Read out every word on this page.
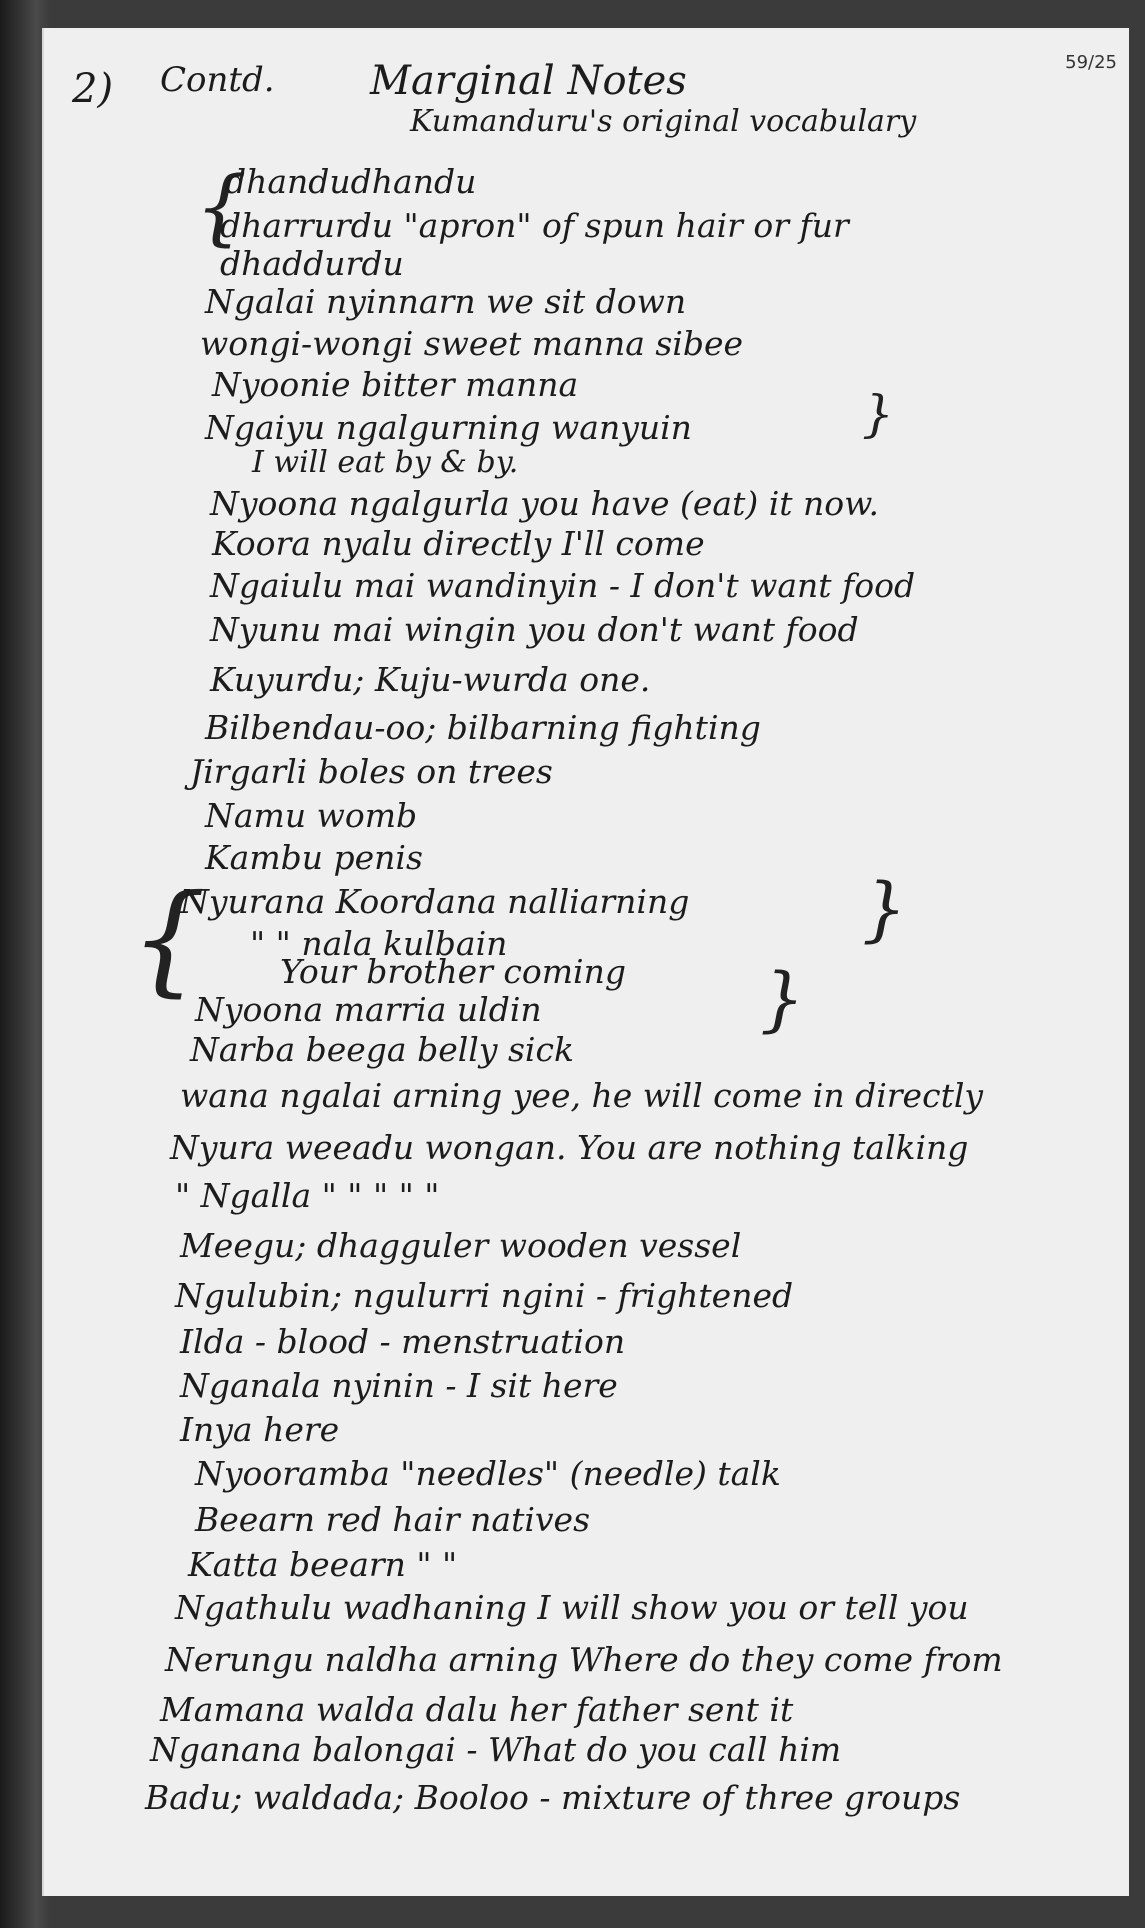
59/25
2) Contd. Marginal Notes
Kumanduru's original vocabulary
{
{
}
}
}
dhandudhandu
dharrurdu "apron" of spun hair or fur
dhaddurdu
Ngalai nyinnarn we sit down
wongi-wongi sweet manna sibee
Nyoonie bitter manna
Ngaiyu ngalgurning wanyuin
I will eat by & by.
Nyoona ngalgurla you have (eat) it now.
Koora nyalu directly I'll come
Ngaiulu mai wandinyin - I don't want food
Nyunu mai wingin you don't want food
Kuyurdu; Kuju-wurda one.
Bilbendau-oo; bilbarning fighting
Jirgarli boles on trees
Namu womb
Kambu penis
Nyurana Koordana nalliarning
" " nala kulbain
Your brother coming
Nyoona marria uldin
Narba beega belly sick
wana ngalai arning yee, he will come in directly
Nyura weeadu wongan. You are nothing talking
" Ngalla " " " " "
Meegu; dhagguler wooden vessel
Ngulubin; ngulurri ngini - frightened
Ilda - blood - menstruation
Nganala nyinin - I sit here
Inya here
Nyooramba "needles" (needle) talk
Beearn red hair natives
Katta beearn " "
Ngathulu wadhaning I will show you or tell you
Nerungu naldha arning Where do they come from
Mamana walda dalu her father sent it
Nganana balongai - What do you call him
Badu; waldada; Booloo - mixture of three groups
